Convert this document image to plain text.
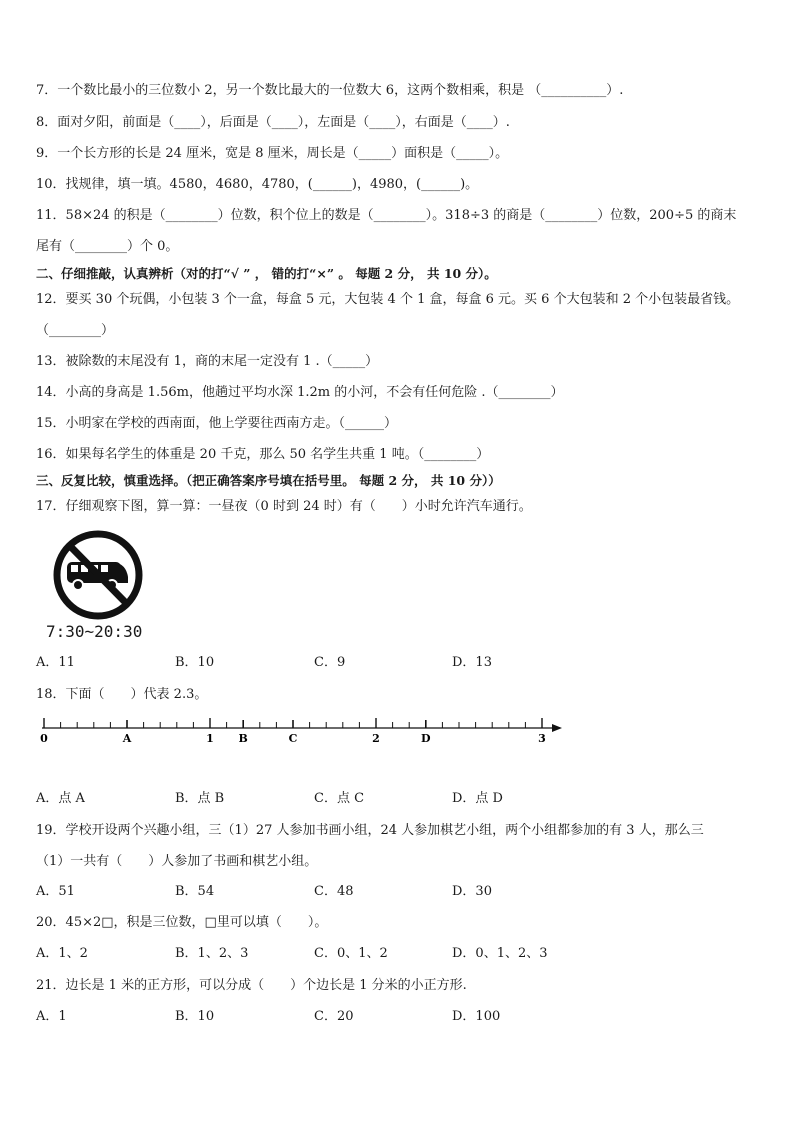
7．一个数比最小的三位数小 2，另一个数比最大的一位数大 6，这两个数相乘，积是 （__________）.
8．面对夕阳，前面是（____），后面是（____），左面是（____），右面是（____）.
9．一个长方形的长是 24 厘米，宽是 8 厘米，周长是（_____）面积是（_____）。
10．找规律，填一填。4580，4680，4780，(______)，4980，(______)。
11．58×24 的积是（________）位数，积个位上的数是（________）。318÷3 的商是（________）位数，200÷5 的商末
尾有（________）个 0。
二、仔细推敲，认真辨析（对的打“√ ” ， 错的打“×” 。 每题 2 分， 共 10 分）。
12．要买 30 个玩偶，小包装 3 个一盒，每盒 5 元，大包装 4 个 1 盒，每盒 6 元。买 6 个大包装和 2 个小包装最省钱。
（________）
13．被除数的末尾没有 1，商的末尾一定没有 1 .（_____）
14．小高的身高是 1.56m，他趟过平均水深 1.2m 的小河，不会有任何危险 .（________）
15．小明家在学校的西南面，他上学要往西南方走。（______）
16．如果每名学生的体重是 20 千克，那么 50 名学生共重 1 吨。（________）
三、反复比较，慎重选择。（把正确答案序号填在括号里。 每题 2 分， 共 10 分））
17．仔细观察下图，算一算：一昼夜（0 时到 24 时）有（　　）小时允许汽车通行。
7:30~20:30
A．11	B．10	C．9	D．13
18．下面（　　）代表 2.3。
0	1	2	3
A	B	C	D
A．点 A	B．点 B	C．点 C	D．点 D
19．学校开设两个兴趣小组，三（1）27 人参加书画小组，24 人参加棋艺小组，两个小组都参加的有 3 人，那么三
（1）一共有（　　）人参加了书画和棋艺小组。
A．51	B．54	C．48	D．30
20．45×2□，积是三位数，□里可以填（　　）。
A．1、2	B．1、2、3	C．0、1、2	D．0、1、2、3
21．边长是 1 米的正方形，可以分成（　　）个边长是 1 分米的小正方形.
A．1	B．10	C．20	D．100
